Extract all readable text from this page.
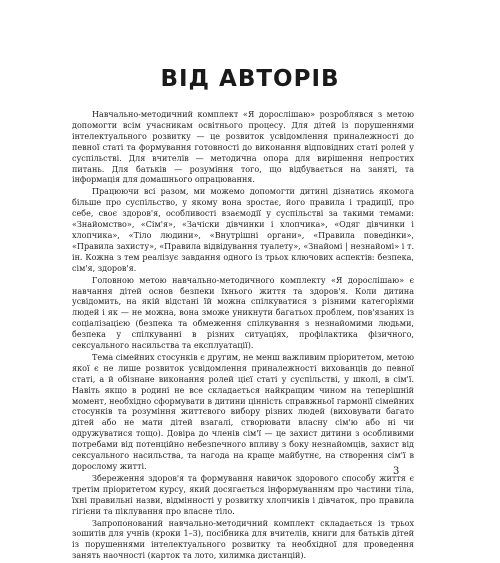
ВІД АВТОРІВ

Навчально-методичний комплект «Я дорослішаю» розроблявся з метою допомогти всім учасникам освітнього процесу. Для дітей із порушеннями інтелектуального розвитку — це розвиток усвідомлення приналежності до певної статі та формування готовності до виконання відповідних статі ролей у суспільстві. Для вчителів — методична опора для вирішення непростих питань. Для батьків — розуміння того, що відбувається на заняті, та інформація для домашнього опрацювання.

Працюючи всі разом, ми можемо допомогти дитині дізнатись якомога більше про суспільство, у якому вона зростає, його правила і традиції, про себе, своє здоров'я, особливості взаємодії у суспільстві за такими темами: «Знайомство», «Сім'я», «Зачіски дівчинки і хлопчика», «Одяг дівчинки і хлопчика», «Тіло людини», «Внутрішні органи», «Правила поведінки», «Правила захисту», «Правила відвідування туалету», «Знайомі | незнайомі» і т. ін. Кожна з тем реалізує завдання одного із трьох ключових аспектів: безпека, сім'я, здоров'я.

Головною метою навчально-методичного комплекту «Я дорослішаю» є навчання дітей основ безпеки їхнього життя та здоров'я. Коли дитина усвідомить, на якій відстані їй можна спілкуватися з різними категоріями людей і як — не можна, вона зможе уникнути багатьох проблем, пов'язаних із соціалізацією (безпека та обмеження спілкування з незнайомими людьми, безпека у спілкуванні в різних ситуаціях, профілактика фізичного, сексуального насильства та експлуатації).

Тема сімейних стосунків є другим, не менш важливим пріоритетом, метою якої є не лише розвиток усвідомлення приналежності вихованців до певної статі, а й обізнане виконання ролей цієї статі у суспільстві, у школі, в сім'ї. Навіть якщо в родині не все складається найкращим чином на теперішній момент, необхідно сформувати в дитини цінність справжньої гармонії сімейних стосунків та розуміння життєвого вибору різних людей (виховувати багато дітей або не мати дітей взагалі, створювати власну сім'ю або ні чи одружуватися тощо). Довіра до членів сім'ї — це захист дитини з особливими потребами від потенційно небезпечного впливу з боку незнайомців, захист від сексуального насильства, та нагода на краще майбутнє, на створення сім'ї в дорослому житті.

Збереження здоров'я та формування навичок здорового способу життя є третім пріоритетом курсу, який досягається інформуванням про частини тіла, їхні правильні назви, відмінності у розвитку хлопчиків і дівчаток, про правила гігієни та піклування про власне тіло.

Запропонований навчально-методичний комплект складається із трьох зошитів для учнів (кроки 1–3), посібника для вчителів, книги для батьків дітей із порушеннями інтелектуального розвитку та необхідної для проведення занять наочності (карток та лото, хилимка дистанцій).

3
